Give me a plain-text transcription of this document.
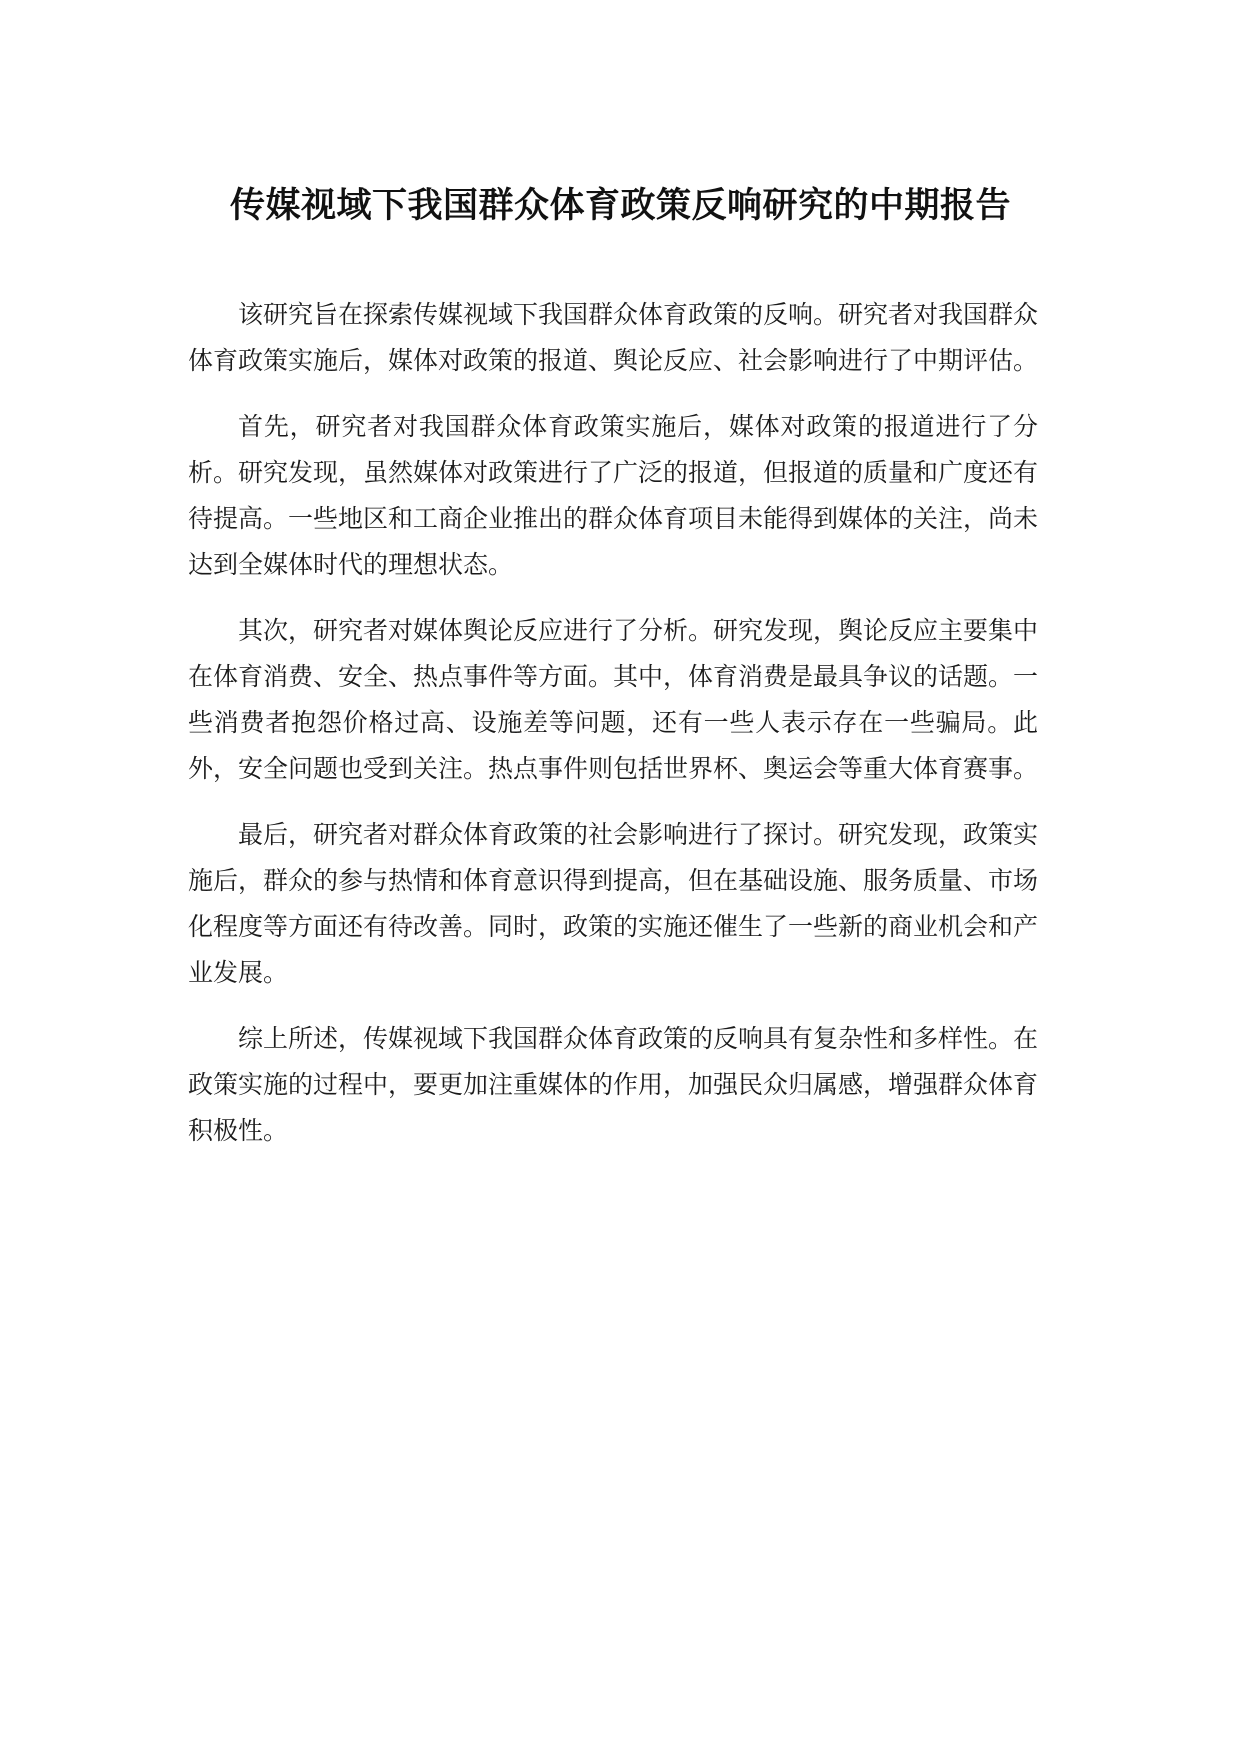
传媒视域下我国群众体育政策反响研究的中期报告

该研究旨在探索传媒视域下我国群众体育政策的反响。研究者对我国群众体育政策实施后，媒体对政策的报道、舆论反应、社会影响进行了中期评估。

首先，研究者对我国群众体育政策实施后，媒体对政策的报道进行了分析。研究发现，虽然媒体对政策进行了广泛的报道，但报道的质量和广度还有待提高。一些地区和工商企业推出的群众体育项目未能得到媒体的关注，尚未达到全媒体时代的理想状态。

其次，研究者对媒体舆论反应进行了分析。研究发现，舆论反应主要集中在体育消费、安全、热点事件等方面。其中，体育消费是最具争议的话题。一些消费者抱怨价格过高、设施差等问题，还有一些人表示存在一些骗局。此外，安全问题也受到关注。热点事件则包括世界杯、奥运会等重大体育赛事。

最后，研究者对群众体育政策的社会影响进行了探讨。研究发现，政策实施后，群众的参与热情和体育意识得到提高，但在基础设施、服务质量、市场化程度等方面还有待改善。同时，政策的实施还催生了一些新的商业机会和产业发展。

综上所述，传媒视域下我国群众体育政策的反响具有复杂性和多样性。在政策实施的过程中，要更加注重媒体的作用，加强民众归属感，增强群众体育积极性。
